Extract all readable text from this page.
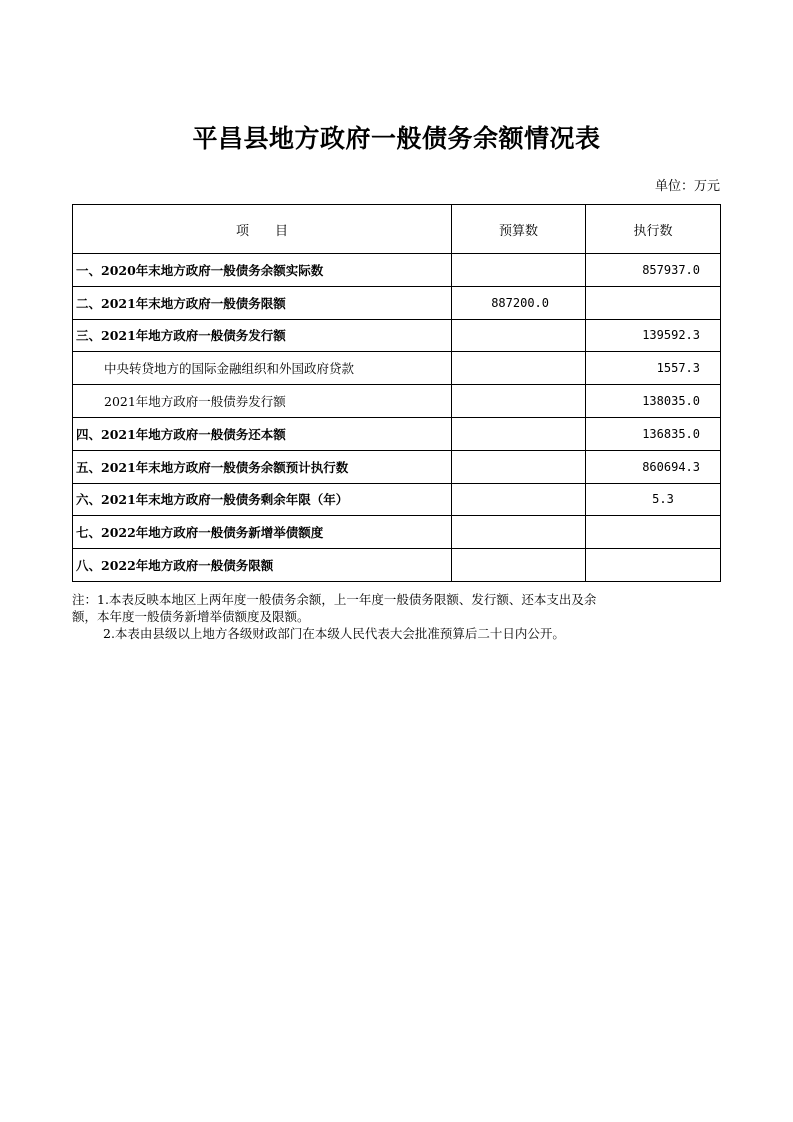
平昌县地方政府一般债务余额情况表
单位：万元
项　　目	预算数	执行数
一、2020年末地方政府一般债务余额实际数		857937.0
二、2021年末地方政府一般债务限额	887200.0	
三、2021年地方政府一般债务发行额		139592.3
中央转贷地方的国际金融组织和外国政府贷款		1557.3
2021年地方政府一般债券发行额		138035.0
四、2021年地方政府一般债务还本额		136835.0
五、2021年末地方政府一般债务余额预计执行数		860694.3
六、2021年末地方政府一般债务剩余年限（年）		5.3
七、2022年地方政府一般债务新增举债额度		
八、2022年地方政府一般债务限额		
注：1.本表反映本地区上两年度一般债务余额，上一年度一般债务限额、发行额、还本支出及余
额，本年度一般债务新增举债额度及限额。
2.本表由县级以上地方各级财政部门在本级人民代表大会批准预算后二十日内公开。
